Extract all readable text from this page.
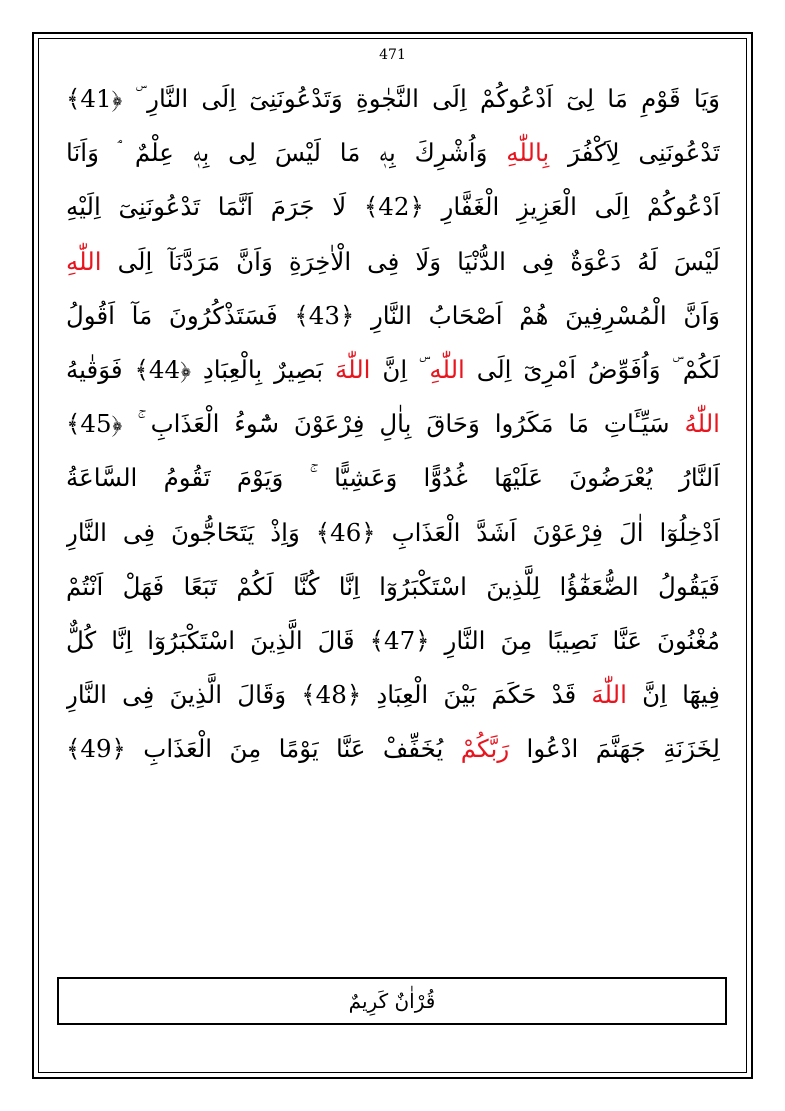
471
وَيَا قَوْمِ مَا لِىٓ اَدْعُوكُمْ اِلَى النَّجٰوةِ وَتَدْعُونَنِىٓ اِلَى النَّارِ ۜ ﴿41﴾
تَدْعُونَنِى لِاَكْفُرَ بِاللّٰهِ وَاُشْرِكَ بِهٖ مَا لَيْسَ لِى بِهٖ عِلْمٌ ۘ وَاَنَا
اَدْعُوكُمْ اِلَى الْعَزِيزِ الْغَفَّارِ ﴿42﴾ لَا جَرَمَ اَنَّمَا تَدْعُونَنِىٓ اِلَيْهِ
لَيْسَ لَهُ دَعْوَةٌ فِى الدُّنْيَا وَلَا فِى الْاٰخِرَةِ وَاَنَّ مَرَدَّنَآ اِلَى اللّٰهِ
وَاَنَّ الْمُسْرِفِينَ هُمْ اَصْحَابُ النَّارِ ﴿43﴾ فَسَتَذْكُرُونَ مَآ اَقُولُ
لَكُمْ ۜ وَاُفَوِّضُ اَمْرِىٓ اِلَى اللّٰهِ ۜ اِنَّ اللّٰهَ بَصِيرٌ بِالْعِبَادِ ﴿44﴾ فَوَقٰيهُ
اللّٰهُ سَيِّـَٔاتِ مَا مَكَرُوا وَحَاقَ بِاٰلِ فِرْعَوْنَ سُٓوءُ الْعَذَابِ ۚ ﴿45﴾
اَلنَّارُ يُعْرَضُونَ عَلَيْهَا غُدُوًّا وَعَشِيًّا ۚ وَيَوْمَ تَقُومُ السَّاعَةُ
اَدْخِلُوٓا اٰلَ فِرْعَوْنَ اَشَدَّ الْعَذَابِ ﴿46﴾ وَاِذْ يَتَحَٓاجُّونَ فِى النَّارِ
فَيَقُولُ الضُّعَفٰٓؤُا لِلَّذِينَ اسْتَكْبَرُوٓا اِنَّا كُنَّا لَكُمْ تَبَعًا فَهَلْ اَنْتُمْ
مُغْنُونَ عَنَّا نَصِيبًا مِنَ النَّارِ ﴿47﴾ قَالَ الَّذِينَ اسْتَكْبَرُوٓا اِنَّا كُلٌّ
فِيهَٓا اِنَّ اللّٰهَ قَدْ حَكَمَ بَيْنَ الْعِبَادِ ﴿48﴾ وَقَالَ الَّذِينَ فِى النَّارِ
لِخَزَنَةِ جَهَنَّمَ ادْعُوا رَبَّكُمْ يُخَفِّفْ عَنَّا يَوْمًا مِنَ الْعَذَابِ ﴿49﴾
قُرْاٰنٌ كَرِيمٌ
